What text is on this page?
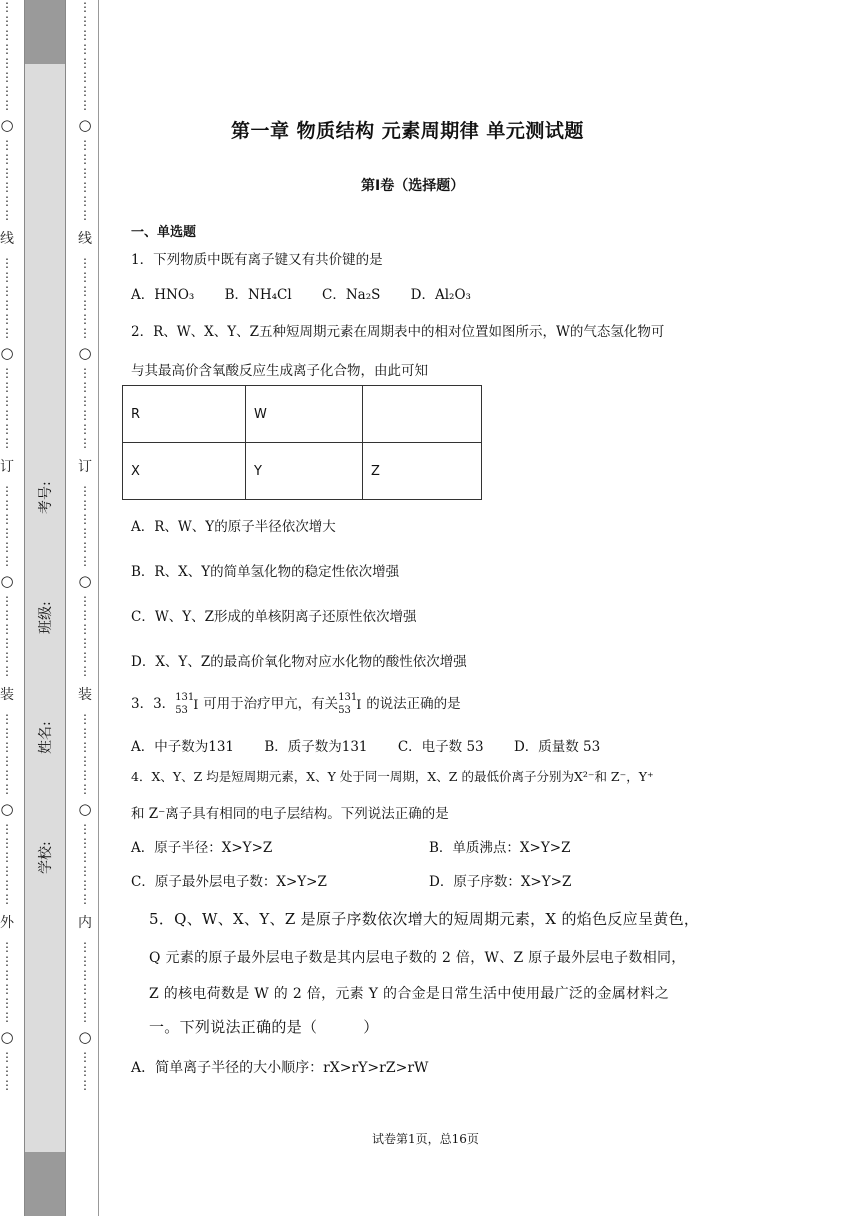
⋮
⋮
⋮
⋮
⋮
⋮
⋮
⋮
○
⋮
⋮
⋮
⋮
⋮
⋮
线
⋮
⋮
⋮
⋮
⋮
⋮
○
⋮
⋮
⋮
⋮
⋮
⋮
订
⋮
⋮
⋮
⋮
⋮
⋮
○
⋮
⋮
⋮
⋮
⋮
⋮
装
⋮
⋮
⋮
⋮
⋮
⋮
○
⋮
⋮
⋮
⋮
⋮
⋮
外
⋮
⋮
⋮
⋮
⋮
⋮
○
⋮
⋮
⋮
学校:
姓名:
班级:
考号:
⋮
⋮
⋮
⋮
⋮
⋮
⋮
⋮
○
⋮
⋮
⋮
⋮
⋮
⋮
线
⋮
⋮
⋮
⋮
⋮
⋮
○
⋮
⋮
⋮
⋮
⋮
⋮
订
⋮
⋮
⋮
⋮
⋮
⋮
○
⋮
⋮
⋮
⋮
⋮
⋮
装
⋮
⋮
⋮
⋮
⋮
⋮
○
⋮
⋮
⋮
⋮
⋮
⋮
内
⋮
⋮
⋮
⋮
⋮
⋮
○
⋮
⋮
⋮
第一章 物质结构 元素周期律 单元测试题
第Ⅰ卷（选择题）
一、单选题
1．下列物质中既有离子键又有共价键的是
A．HNO₃ B．NH₄Cl C．Na₂S D．Al₂O₃
2．R、W、X、Y、Z五种短周期元素在周期表中的相对位置如图所示，W的气态氢化物可
与其最高价含氧酸反应生成离子化合物，由此可知
R	W	
X	Y	Z
A．R、W、Y的原子半径依次增大
B．R、X、Y的简单氢化物的稳定性依次增强
C．W、Y、Z形成的单核阴离子还原性依次增强
D．X、Y、Z的最高价氧化物对应水化物的酸性依次增强
3．3． 131
53 I 可用于治疗甲亢，有关 131
53 I 的说法正确的是
A．中子数为131 B．质子数为131 C．电子数 53 D．质量数 53
4．X、Y、Z 均是短周期元素，X、Y 处于同一周期，X、Z 的最低价离子分别为X²⁻和 Z⁻，Y⁺
和 Z⁻离子具有相同的电子层结构。下列说法正确的是
A．原子半径：X>Y>Z	B．单质沸点：X>Y>Z
C．原子最外层电子数：X>Y>Z	D．原子序数：X>Y>Z
5．Q、W、X、Y、Z 是原子序数依次增大的短周期元素，X 的焰色反应呈黄色，
Q 元素的原子最外层电子数是其内层电子数的 2 倍，W、Z 原子最外层电子数相同，
Z 的核电荷数是 W 的 2 倍，元素 Y 的合金是日常生活中使用最广泛的金属材料之
一。下列说法正确的是（　　　）
A．简单离子半径的大小顺序：rX>rY>rZ>rW
试卷第1页，总16页
